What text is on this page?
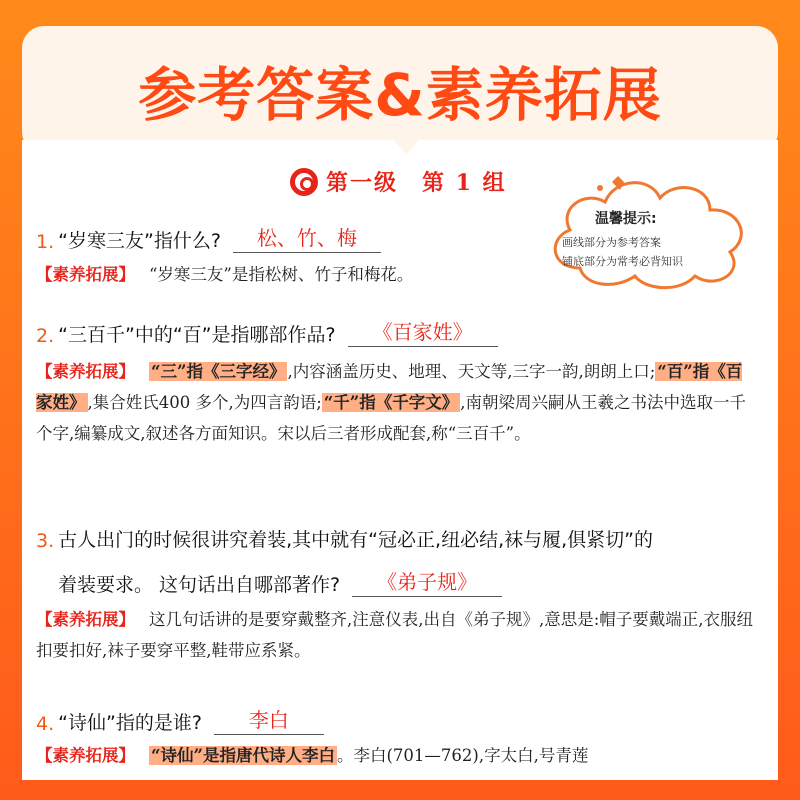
参考答案&素养拓展
第一级　第 1 组
温馨提示:
画线部分为参考答案
铺底部分为常考必背知识
1. “岁寒三友”指什么?	松、竹、梅
【素养拓展】 “岁寒三友”是指松树、竹子和梅花。
2. “三百千”中的“百”是指哪部作品?	《百家姓》
【素养拓展】 “三”指《三字经》 ,内容涵盖历史、地理、天文等,三字一韵,朗朗上口; “百”指《百家姓》 ,集合姓氏400 多个,为四言韵语; “千”指《千字文》 ,南朝梁周兴嗣从王羲之书法中选取一千个字,编纂成文,叙述各方面知识。宋以后三者形成配套,称“三百千”。
3. 古人出门的时候很讲究着装,其中就有“冠必正,纽必结,袜与履,俱紧切”的
着装要求。 这句话出自哪部著作?	《弟子规》
【素养拓展】 这几句话讲的是要穿戴整齐,注意仪表,出自《弟子规》,意思是:帽子要戴端正,衣服纽扣要扣好,袜子要穿平整,鞋带应系紧。
4. “诗仙”指的是谁?	李白
【素养拓展】 “诗仙”是指唐代诗人李白 。李白(701—762),字太白,号青莲
